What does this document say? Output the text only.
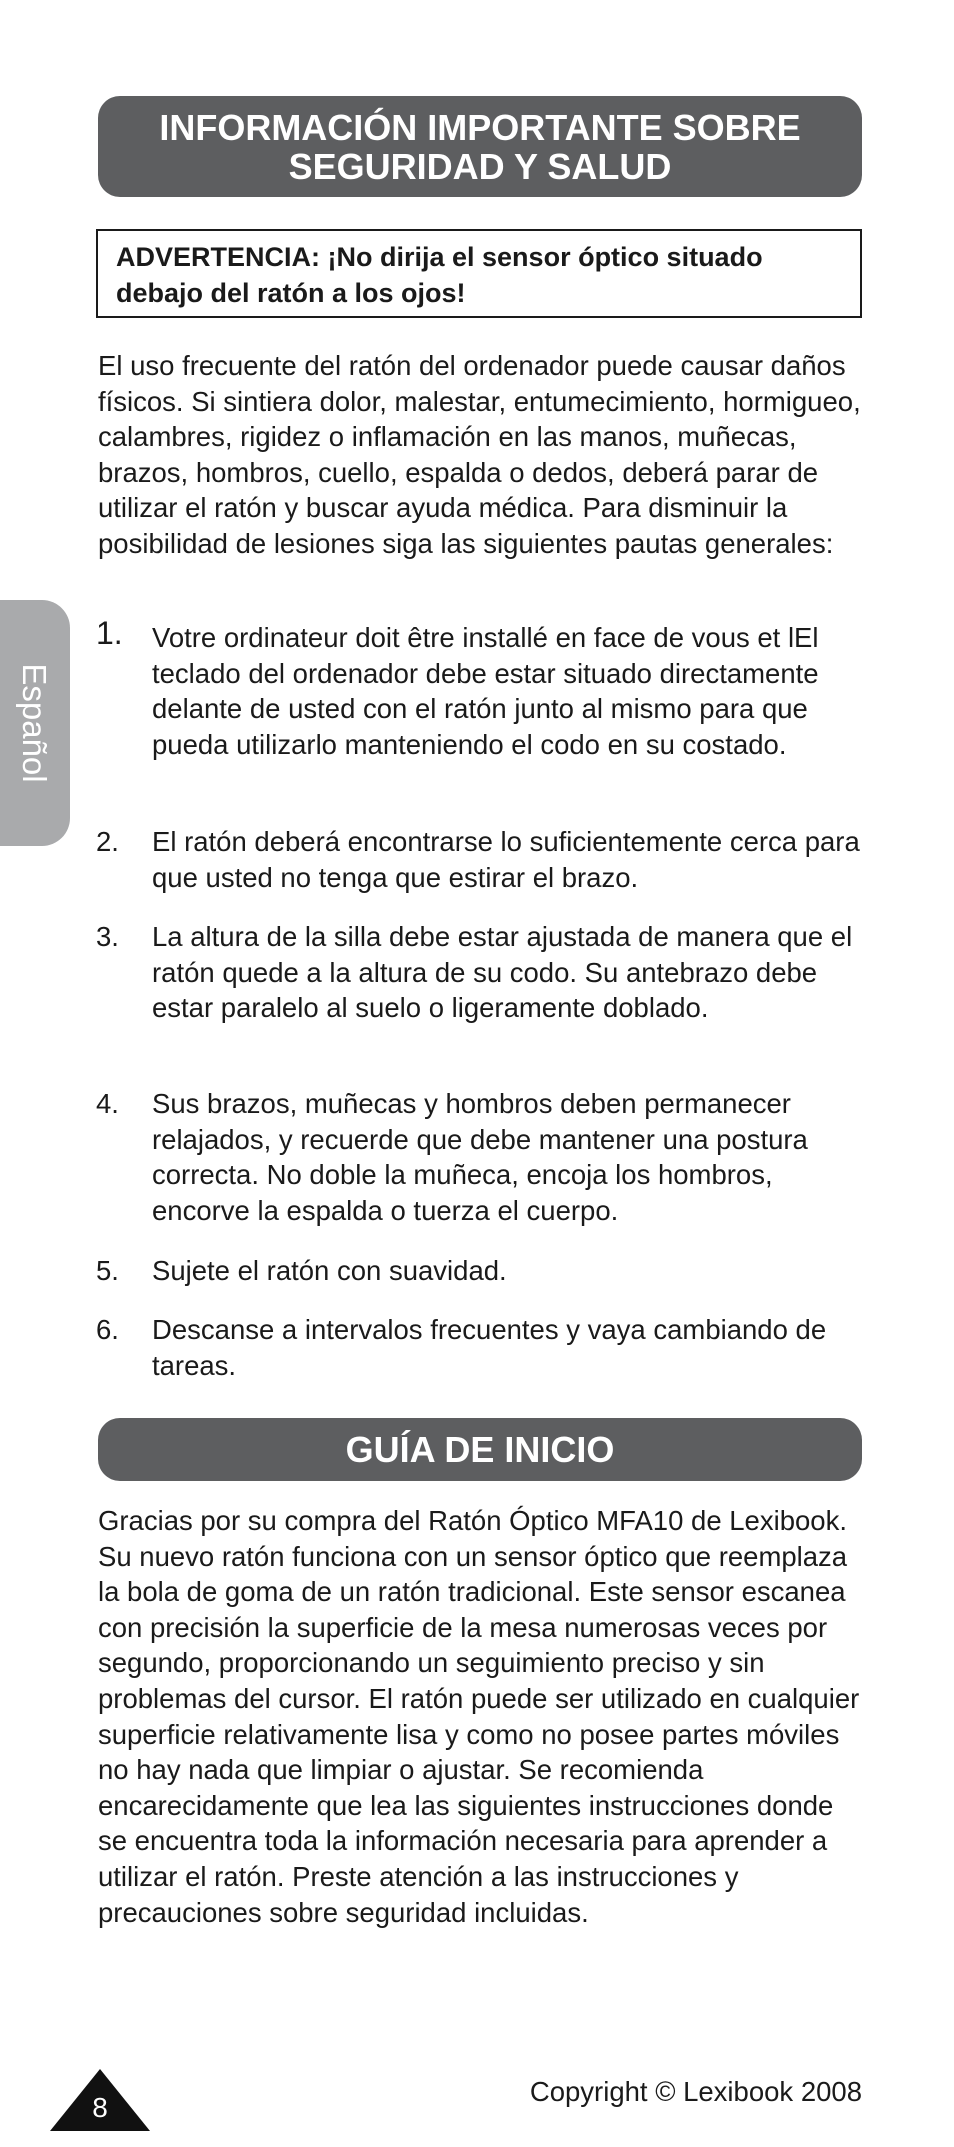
INFORMACIÓN IMPORTANTE SOBRE SEGURIDAD Y SALUD
ADVERTENCIA: ¡No dirija el sensor óptico situado debajo del ratón a los ojos!

El uso frecuente del ratón del ordenador puede causar daños físicos. Si sintiera dolor, malestar, entumecimiento, hormigueo, calambres, rigidez o inflamación en las manos, muñecas, brazos, hombros, cuello, espalda o dedos, deberá parar de utilizar el ratón y buscar ayuda médica. Para disminuir la posibilidad de lesiones siga las siguientes pautas generales:

1. Votre ordinateur doit être installé en face de vous et lEl teclado del ordenador debe estar situado directamente delante de usted con el ratón junto al mismo para que pueda utilizarlo manteniendo el codo en su costado.
2. El ratón deberá encontrarse lo suficientemente cerca para que usted no tenga que estirar el brazo.
3. La altura de la silla debe estar ajustada de manera que el ratón quede a la altura de su codo. Su antebrazo debe estar paralelo al suelo o ligeramente doblado.
4. Sus brazos, muñecas y hombros deben permanecer relajados, y recuerde que debe mantener una postura correcta. No doble la muñeca, encoja los hombros, encorve la espalda o tuerza el cuerpo.
5. Sujete el ratón con suavidad.
6. Descanse a intervalos frecuentes y vaya cambiando de tareas.
GUÍA DE INICIO

Gracias por su compra del Ratón Óptico MFA10 de Lexibook. Su nuevo ratón funciona con un sensor óptico que reemplaza la bola de goma de un ratón tradicional. Este sensor escanea con precisión la superficie de la mesa numerosas veces por segundo, proporcionando un seguimiento preciso y sin problemas del cursor. El ratón puede ser utilizado en cualquier superficie relativamente lisa y como no posee partes móviles no hay nada que limpiar o ajustar. Se recomienda encarecidamente que lea las siguientes instrucciones donde se encuentra toda la información necesaria para aprender a utilizar el ratón. Preste atención a las instrucciones y precauciones sobre seguridad incluidas.

Español
8
Copyright © Lexibook 2008
